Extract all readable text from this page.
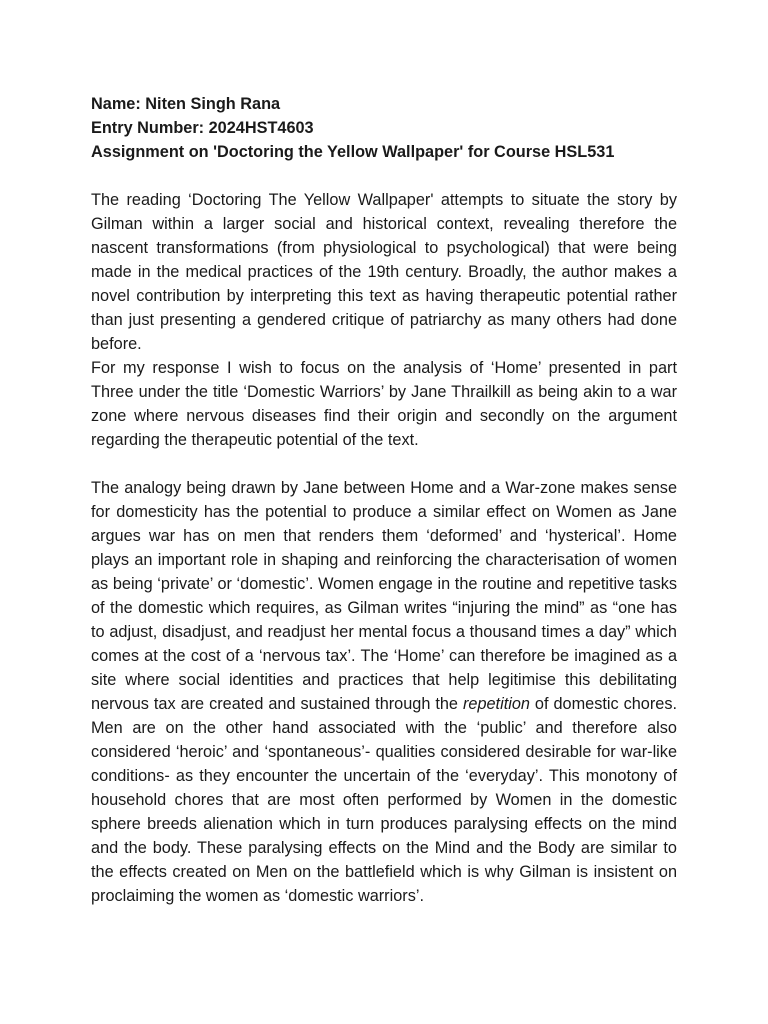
Name: Niten Singh Rana

Entry Number: 2024HST4603

Assignment on 'Doctoring the Yellow Wallpaper' for Course HSL531

The reading ‘Doctoring The Yellow Wallpaper' attempts to situate the story by Gilman within a larger social and historical context, revealing therefore the nascent transformations (from physiological to psychological) that were being made in the medical practices of the 19th century. Broadly, the author makes a novel contribution by interpreting this text as having therapeutic potential rather than just presenting a gendered critique of patriarchy as many others had done before.

For my response I wish to focus on the analysis of ‘Home’ presented in part Three under the title ‘Domestic Warriors’ by Jane Thrailkill as being akin to a war zone where nervous diseases find their origin and secondly on the argument regarding the therapeutic potential of the text.

The analogy being drawn by Jane between Home and a War-zone makes sense for domesticity has the potential to produce a similar effect on Women as Jane argues war has on men that renders them ‘deformed’ and ‘hysterical’. Home plays an important role in shaping and reinforcing the characterisation of women as being ‘private’ or ‘domestic’. Women engage in the routine and repetitive tasks of the domestic which requires, as Gilman writes “injuring the mind” as “one has to adjust, disadjust, and readjust her mental focus a thousand times a day” which comes at the cost of a ‘nervous tax’. The ‘Home’ can therefore be imagined as a site where social identities and practices that help legitimise this debilitating nervous tax are created and sustained through the repetition of domestic chores. Men are on the other hand associated with the ‘public’ and therefore also considered ‘heroic’ and ‘spontaneous’- qualities considered desirable for war-like conditions- as they encounter the uncertain of the ‘everyday’. This monotony of household chores that are most often performed by Women in the domestic sphere breeds alienation which in turn produces paralysing effects on the mind and the body. These paralysing effects on the Mind and the Body are similar to the effects created on Men on the battlefield which is why Gilman is insistent on proclaiming the women as ‘domestic warriors’.
